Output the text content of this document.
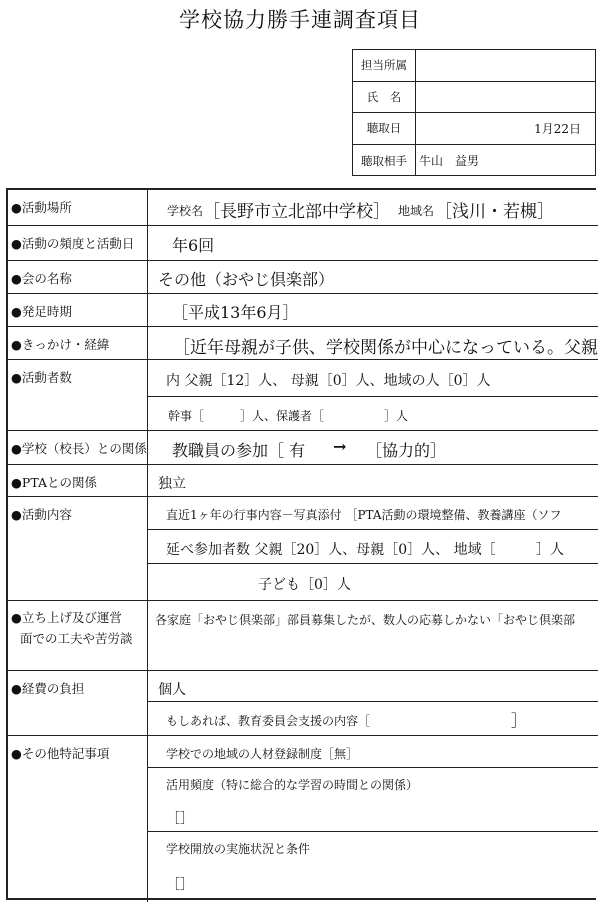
学校協力勝手連調査項目
担当所属
氏　名
聴取日	1月22日
聴取相手	牛山　益男
●活動場所	学校名 ［長野市立北部中学校］ 地域名 ［浅川・若槻］
●活動の頻度と活動日	年6回
●会の名称	その他（おやじ倶楽部）
●発足時期	［平成13年6月］
●きっかけ・経緯	［近年母親が子供、学校関係が中心になっている。父親
●活動者数	内 父親［12］人、 母親［0］人、地域の人［0］人
幹事［	］人、保護者［	］人
●学校（校長）との関係 教職員の参加［ 有 → ［協力的］
●PTAとの関係	独立
●活動内容	直近1ヶ年の行事内容－写真添付 ［PTA活動の環境整備、教養講座（ソフ
延べ参加者数 父親［20］人、母親［0］人、 地域［	］人
子ども［0］人
●立ち上げ及び運営
面での工夫や苦労談
各家庭「おやじ倶楽部」部員募集したが、数人の応募しかない「おやじ倶楽部
●経費の負担	個人
もしあれば、教育委員会支援の内容［	］
●その他特記事項	学校での地域の人材登録制度［無］
活用頻度（特に総合的な学習の時間との関係）
［］
学校開放の実施状況と条件
［］
